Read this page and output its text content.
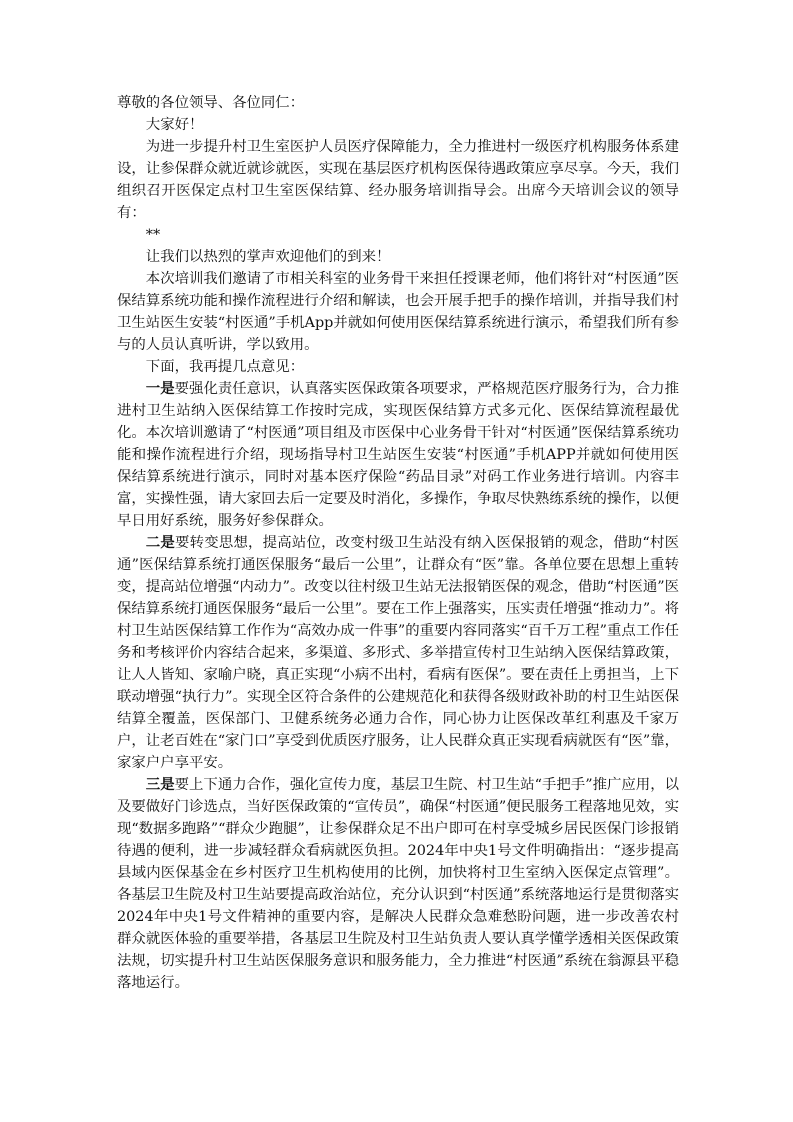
尊敬的各位领导、各位同仁：

大家好！

为进一步提升村卫生室医护人员医疗保障能力，全力推进村一级医疗机构服务体系建设，让参保群众就近就诊就医，实现在基层医疗机构医保待遇政策应享尽享。今天，我们组织召开医保定点村卫生室医保结算、经办服务培训指导会。出席今天培训会议的领导有：

**

让我们以热烈的掌声欢迎他们的到来！

本次培训我们邀请了市相关科室的业务骨干来担任授课老师，他们将针对“村医通”医保结算系统功能和操作流程进行介绍和解读，也会开展手把手的操作培训，并指导我们村卫生站医生安装“村医通”手机App并就如何使用医保结算系统进行演示，希望我们所有参与的人员认真听讲，学以致用。

下面，我再提几点意见：

一是要强化责任意识，认真落实医保政策各项要求，严格规范医疗服务行为，合力推进村卫生站纳入医保结算工作按时完成，实现医保结算方式多元化、医保结算流程最优化。本次培训邀请了“村医通”项目组及市医保中心业务骨干针对“村医通”医保结算系统功能和操作流程进行介绍，现场指导村卫生站医生安装“村医通”手机APP并就如何使用医保结算系统进行演示，同时对基本医疗保险“药品目录”对码工作业务进行培训。内容丰富，实操性强，请大家回去后一定要及时消化，多操作，争取尽快熟练系统的操作，以便早日用好系统，服务好参保群众。

二是要转变思想，提高站位，改变村级卫生站没有纳入医保报销的观念，借助“村医通”医保结算系统打通医保服务“最后一公里”，让群众有“医”靠。各单位要在思想上重转变，提高站位增强“内动力”。改变以往村级卫生站无法报销医保的观念，借助“村医通”医保结算系统打通医保服务“最后一公里”。要在工作上强落实，压实责任增强“推动力”。将村卫生站医保结算工作作为“高效办成一件事”的重要内容同落实“百千万工程”重点工作任务和考核评价内容结合起来，多渠道、多形式、多举措宣传村卫生站纳入医保结算政策，让人人皆知、家喻户晓，真正实现“小病不出村，看病有医保”。要在责任上勇担当，上下联动增强“执行力”。实现全区符合条件的公建规范化和获得各级财政补助的村卫生站医保结算全覆盖，医保部门、卫健系统务必通力合作，同心协力让医保改革红利惠及千家万户，让老百姓在“家门口”享受到优质医疗服务，让人民群众真正实现看病就医有“医”靠，家家户户享平安。

三是要上下通力合作，强化宣传力度，基层卫生院、村卫生站“手把手”推广应用，以及要做好门诊选点，当好医保政策的“宣传员”，确保“村医通”便民服务工程落地见效，实现“数据多跑路”“群众少跑腿”，让参保群众足不出户即可在村享受城乡居民医保门诊报销待遇的便利，进一步减轻群众看病就医负担。2024年中央1号文件明确指出：“逐步提高县域内医保基金在乡村医疗卫生机构使用的比例，加快将村卫生室纳入医保定点管理”。各基层卫生院及村卫生站要提高政治站位，充分认识到“村医通”系统落地运行是贯彻落实2024年中央1号文件精神的重要内容，是解决人民群众急难愁盼问题，进一步改善农村群众就医体验的重要举措，各基层卫生院及村卫生站负责人要认真学懂学透相关医保政策法规，切实提升村卫生站医保服务意识和服务能力，全力推进“村医通”系统在翁源县平稳落地运行。
